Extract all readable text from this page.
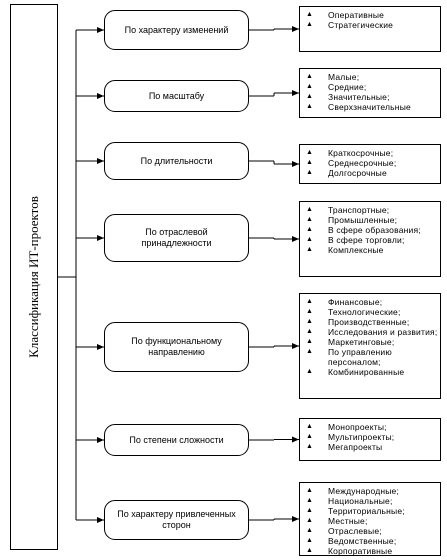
Классификация ИТ-проектов
По характеру изменений
По масштабу
По длительности
По отраслевой принадлежности
По функциональному направлению
По степени сложности
По характеру привлеченных сторон
▲ Оперативные
▲ Стратегические
▲ Малые;
▲ Средние;
▲ Значительные;
▲ Сверхзначительные
▲ Краткосрочные;
▲ Среднесрочные;
▲ Долгосрочные
▲ Транспортные;
▲ Промышленные;
▲ В сфере образования;
▲ В сфере торговли;
▲ Комплексные
▲ Финансовые;
▲ Технологические;
▲ Производственные;
▲ Исследования и развития;
▲ Маркетинговые;
▲ По управлению персоналом;
▲ Комбинированные
▲ Монопроекты;
▲ Мультипроекты;
▲ Мегапроекты
▲ Международные;
▲ Национальные;
▲ Территориальные;
▲ Местные;
▲ Отраслевые;
▲ Ведомственные;
▲ Корпоративные
